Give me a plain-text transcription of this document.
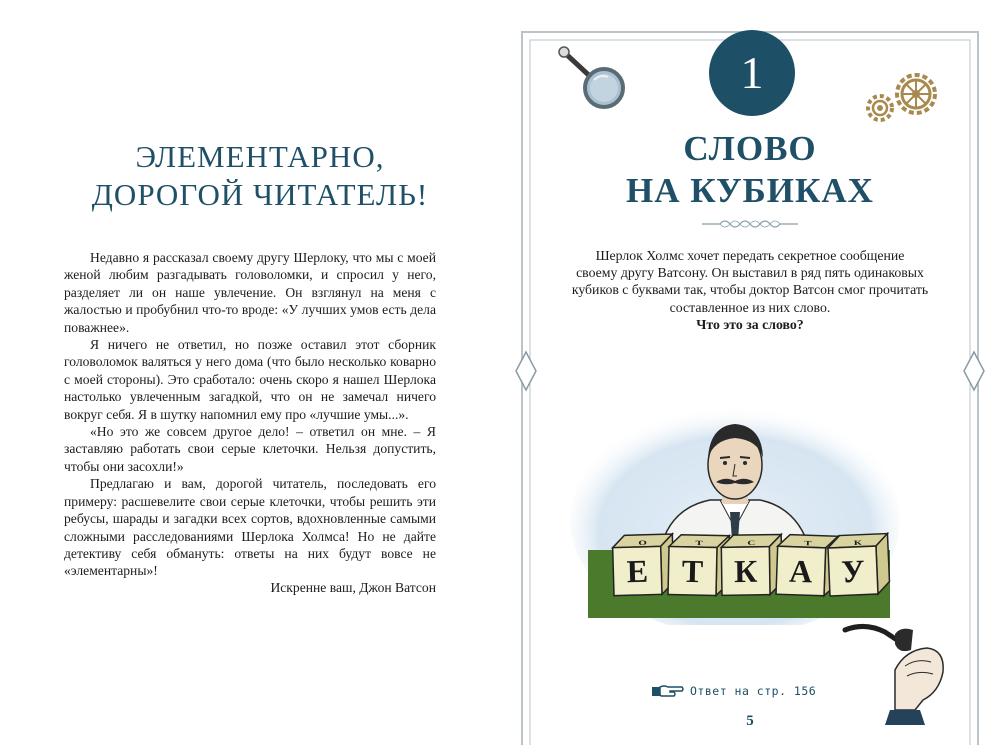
ЭЛЕМЕНТАРНО,
ДОРОГОЙ ЧИТАТЕЛЬ!

Недавно я рассказал своему другу Шерлоку, что мы с моей женой любим разгадывать головоломки, и спросил у него, разделяет ли он наше увлечение. Он взглянул на меня с жалостью и пробубнил что-то вроде: «У лучших умов есть дела поважнее».

Я ничего не ответил, но позже оставил этот сборник головоломок валяться у него дома (что было несколько коварно с моей стороны). Это сработало: очень скоро я нашел Шерлока настолько увлеченным загадкой, что он не замечал ничего вокруг себя. Я в шутку напомнил ему про «лучшие умы...».

«Но это же совсем другое дело! – ответил он мне. – Я заставляю работать свои серые клеточки. Нельзя допустить, чтобы они засохли!»

Предлагаю и вам, дорогой читатель, последовать его примеру: расшевелите свои серые клеточки, чтобы решить эти ребусы, шарады и загадки всех сортов, вдохновленные самыми сложными расследованиями Шерлока Холмса! Но не дайте детективу себя обмануть: ответы на них будут вовсе не «элементарны»!

Искренне ваш, Джон Ватсон
1
СЛОВО
НА КУБИКАХ
Шерлок Холмс хочет передать секретное сообщение
своему другу Ватсону. Он выставил в ряд пять одинаковых
кубиков с буквами так, чтобы доктор Ватсон смог прочитать
составленное из них слово.
Что это за слово?
Е
О
Т
Т
К
С
А
Т
У
К
Ответ на стр. 156
5
